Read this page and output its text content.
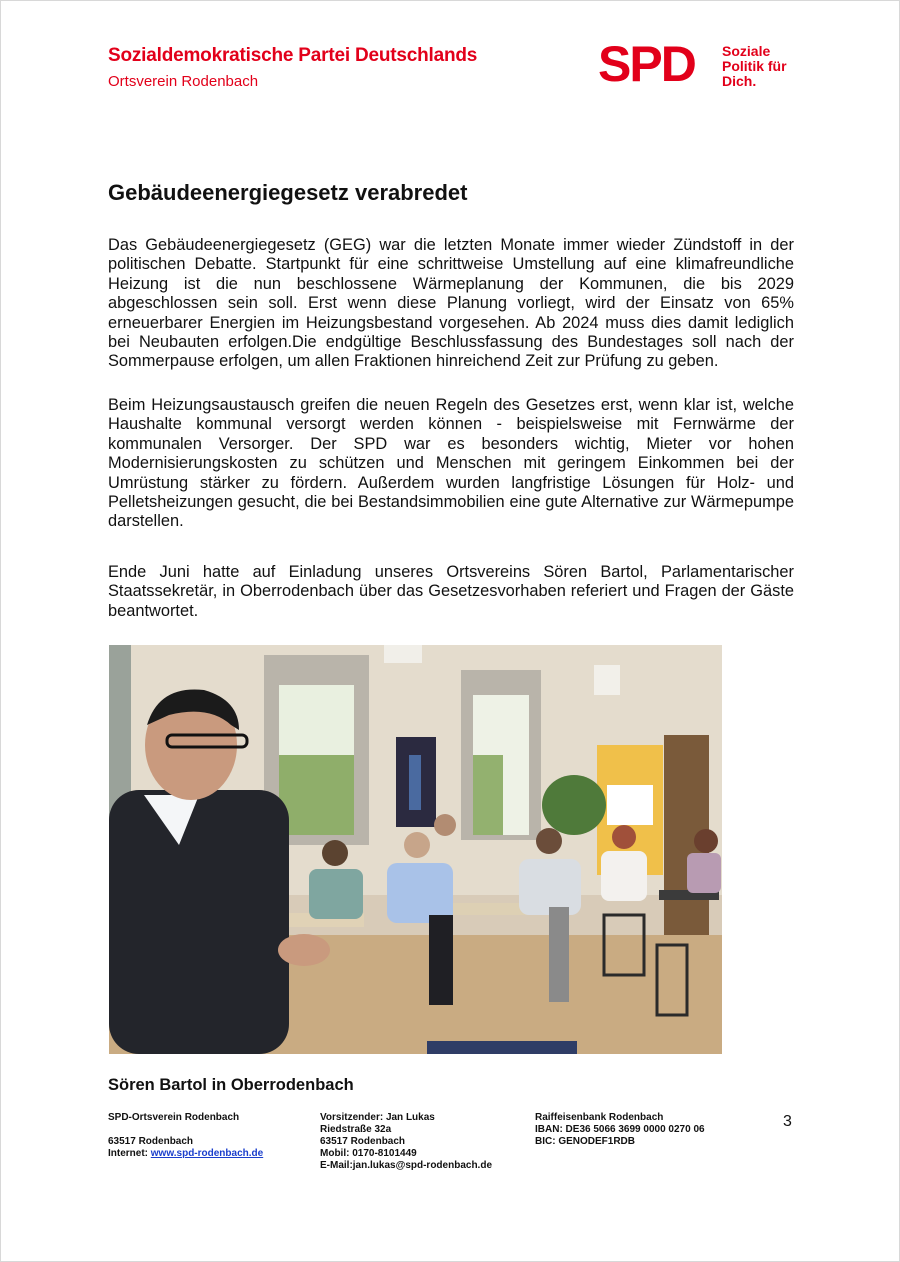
Sozialdemokratische Partei Deutschlands
Ortsverein Rodenbach	SPD Soziale
Politik für
Dich.
Gebäudeenergiegesetz verabredet

Das Gebäudeenergiegesetz (GEG) war die letzten Monate immer wieder Zündstoff in der politischen Debatte. Startpunkt für eine schrittweise Umstellung auf eine klimafreundliche Heizung ist die nun beschlossene Wärmeplanung der Kommunen, die bis 2029 abgeschlossen sein soll. Erst wenn diese Planung vorliegt, wird der Einsatz von 65% erneuerbarer Energien im Heizungsbestand vorgesehen. Ab 2024 muss dies damit lediglich bei Neubauten erfolgen.Die endgültige Beschlussfassung des Bundestages soll nach der Sommerpause erfolgen, um allen Fraktionen hinreichend Zeit zur Prüfung zu geben.

Beim Heizungsaustausch greifen die neuen Regeln des Gesetzes erst, wenn klar ist, welche Haushalte kommunal versorgt werden können - beispielsweise mit Fernwärme der kommunalen Versorger. Der SPD war es besonders wichtig, Mieter vor hohen Modernisierungskosten zu schützen und Menschen mit geringem Einkommen bei der Umrüstung stärker zu fördern. Außerdem wurden langfristige Lösungen für Holz- und Pelletsheizungen gesucht, die bei Bestandsimmobilien eine gute Alternative zur Wärmepumpe darstellen.

Ende Juni hatte auf Einladung unseres Ortsvereins Sören Bartol, Parlamentarischer Staatssekretär, in Oberrodenbach über das Gesetzesvorhaben referiert und Fragen der Gäste beantwortet.

Sören Bartol in Oberrodenbach
SPD-Ortsverein Rodenbach
63517 Rodenbach
Internet: www.spd-rodenbach.de
Vorsitzender: Jan Lukas
Riedstraße 32a
63517 Rodenbach
Mobil: 0170-8101449
E-Mail:jan.lukas@spd-rodenbach.de
Raiffeisenbank Rodenbach
IBAN: DE36 5066 3699 0000 0270 06
BIC: GENODEF1RDB
3
